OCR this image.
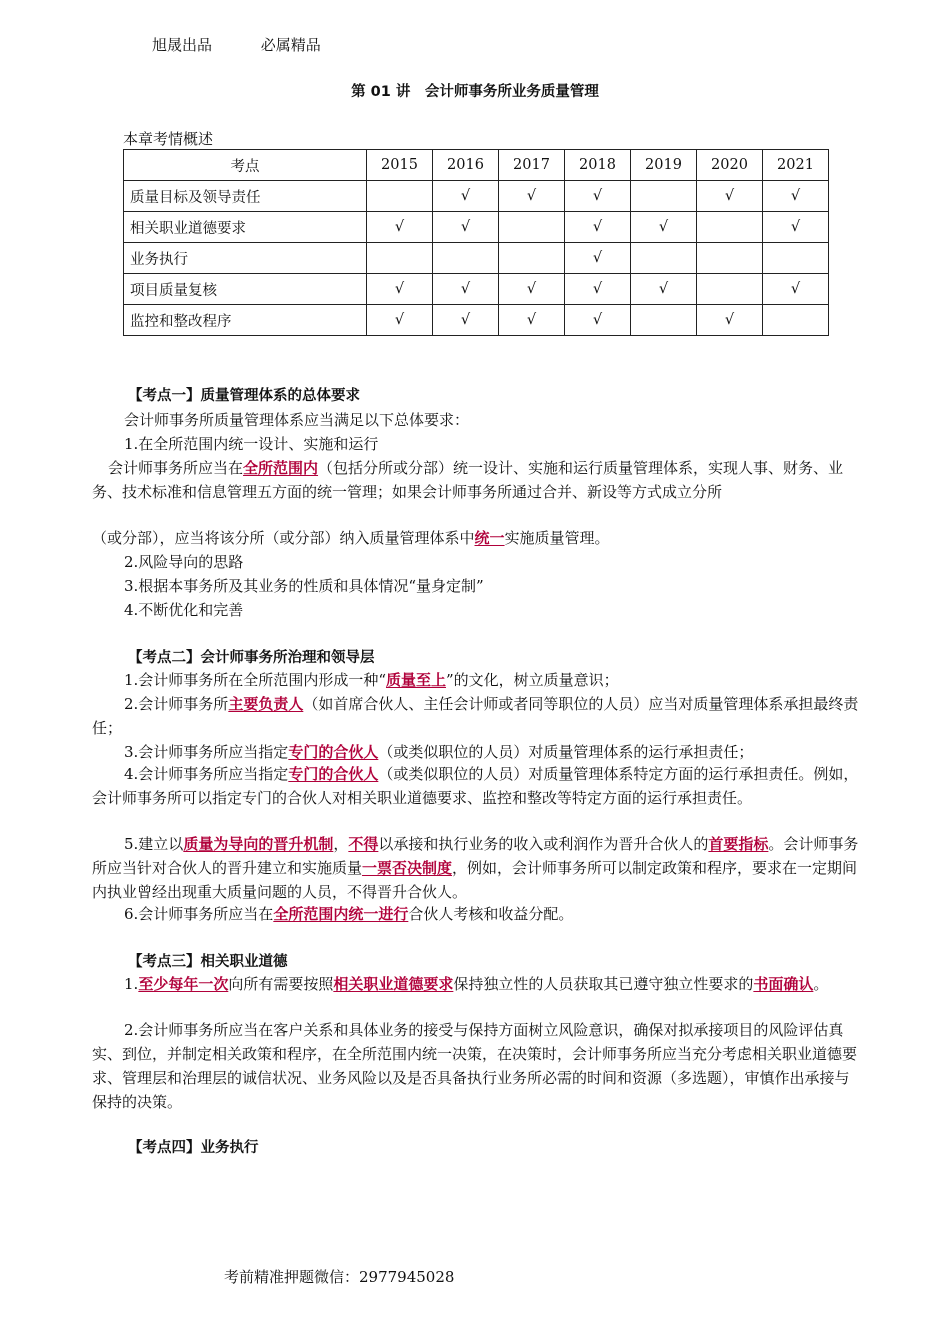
旭晟出品	必属精品
第 01 讲　会计师事务所业务质量管理
本章考情概述
考点	2015	2016	2017	2018	2019	2020	2021
质量目标及领导责任		√	√	√		√	√
相关职业道德要求	√	√		√	√		√
业务执行				√			
项目质量复核	√	√	√	√	√		√
监控和整改程序	√	√	√	√		√	
【考点一】质量管理体系的总体要求
会计师事务所质量管理体系应当满足以下总体要求：
1.在全所范围内统一设计、实施和运行
会计师事务所应当在全所范围内（包括分所或分部）统一设计、实施和运行质量管理体系，实现人事、财务、业务、技术标准和信息管理五方面的统一管理；如果会计师事务所通过合并、新设等方式成立分所
（或分部），应当将该分所（或分部）纳入质量管理体系中统一实施质量管理。
2.风险导向的思路
3.根据本事务所及其业务的性质和具体情况“量身定制”
4.不断优化和完善
【考点二】会计师事务所治理和领导层
1.会计师事务所在全所范围内形成一种“质量至上”的文化，树立质量意识；
2.会计师事务所主要负责人（如首席合伙人、主任会计师或者同等职位的人员）应当对质量管理体系承担最终责任；
3.会计师事务所应当指定专门的合伙人（或类似职位的人员）对质量管理体系的运行承担责任；
4.会计师事务所应当指定专门的合伙人（或类似职位的人员）对质量管理体系特定方面的运行承担责任。例如，会计师事务所可以指定专门的合伙人对相关职业道德要求、监控和整改等特定方面的运行承担责任。
5.建立以质量为导向的晋升机制，不得以承接和执行业务的收入或利润作为晋升合伙人的首要指标。会计师事务所应当针对合伙人的晋升建立和实施质量一票否决制度，例如，会计师事务所可以制定政策和程序，要求在一定期间内执业曾经出现重大质量问题的人员，不得晋升合伙人。
6.会计师事务所应当在全所范围内统一进行合伙人考核和收益分配。
【考点三】相关职业道德
1.至少每年一次向所有需要按照相关职业道德要求保持独立性的人员获取其已遵守独立性要求的书面确认。
2.会计师事务所应当在客户关系和具体业务的接受与保持方面树立风险意识，确保对拟承接项目的风险评估真实、到位，并制定相关政策和程序，在全所范围内统一决策，在决策时，会计师事务所应当充分考虑相关职业道德要求、管理层和治理层的诚信状况、业务风险以及是否具备执行业务所必需的时间和资源（多选题），审慎作出承接与保持的决策。
【考点四】业务执行
考前精准押题微信：2977945028
